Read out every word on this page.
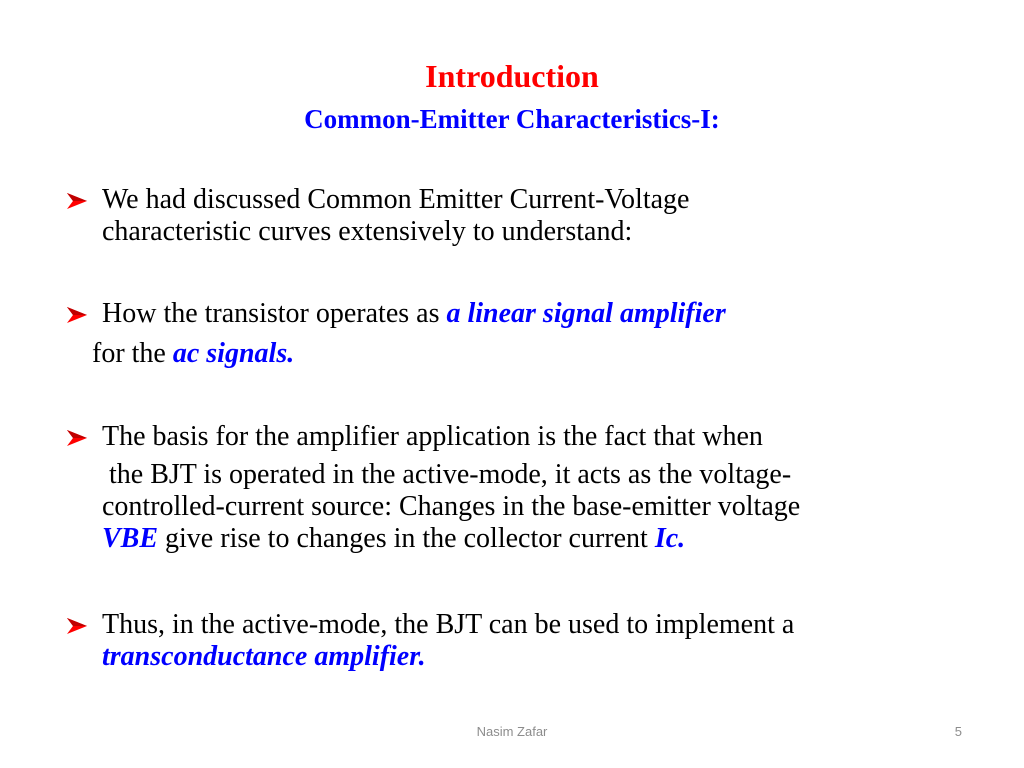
Introduction
Common-Emitter Characteristics-I:
We had discussed Common Emitter Current-Voltage
characteristic curves extensively to understand:
How the transistor operates as a linear signal amplifier
for the ac signals.
The basis for the amplifier application is the fact that when
the BJT is operated in the active-mode, it acts as the voltage-
controlled-current source: Changes in the base-emitter voltage
VBE give rise to changes in the collector current Ic.
Thus, in the active-mode, the BJT can be used to implement a
transconductance amplifier.
Nasim Zafar	5
